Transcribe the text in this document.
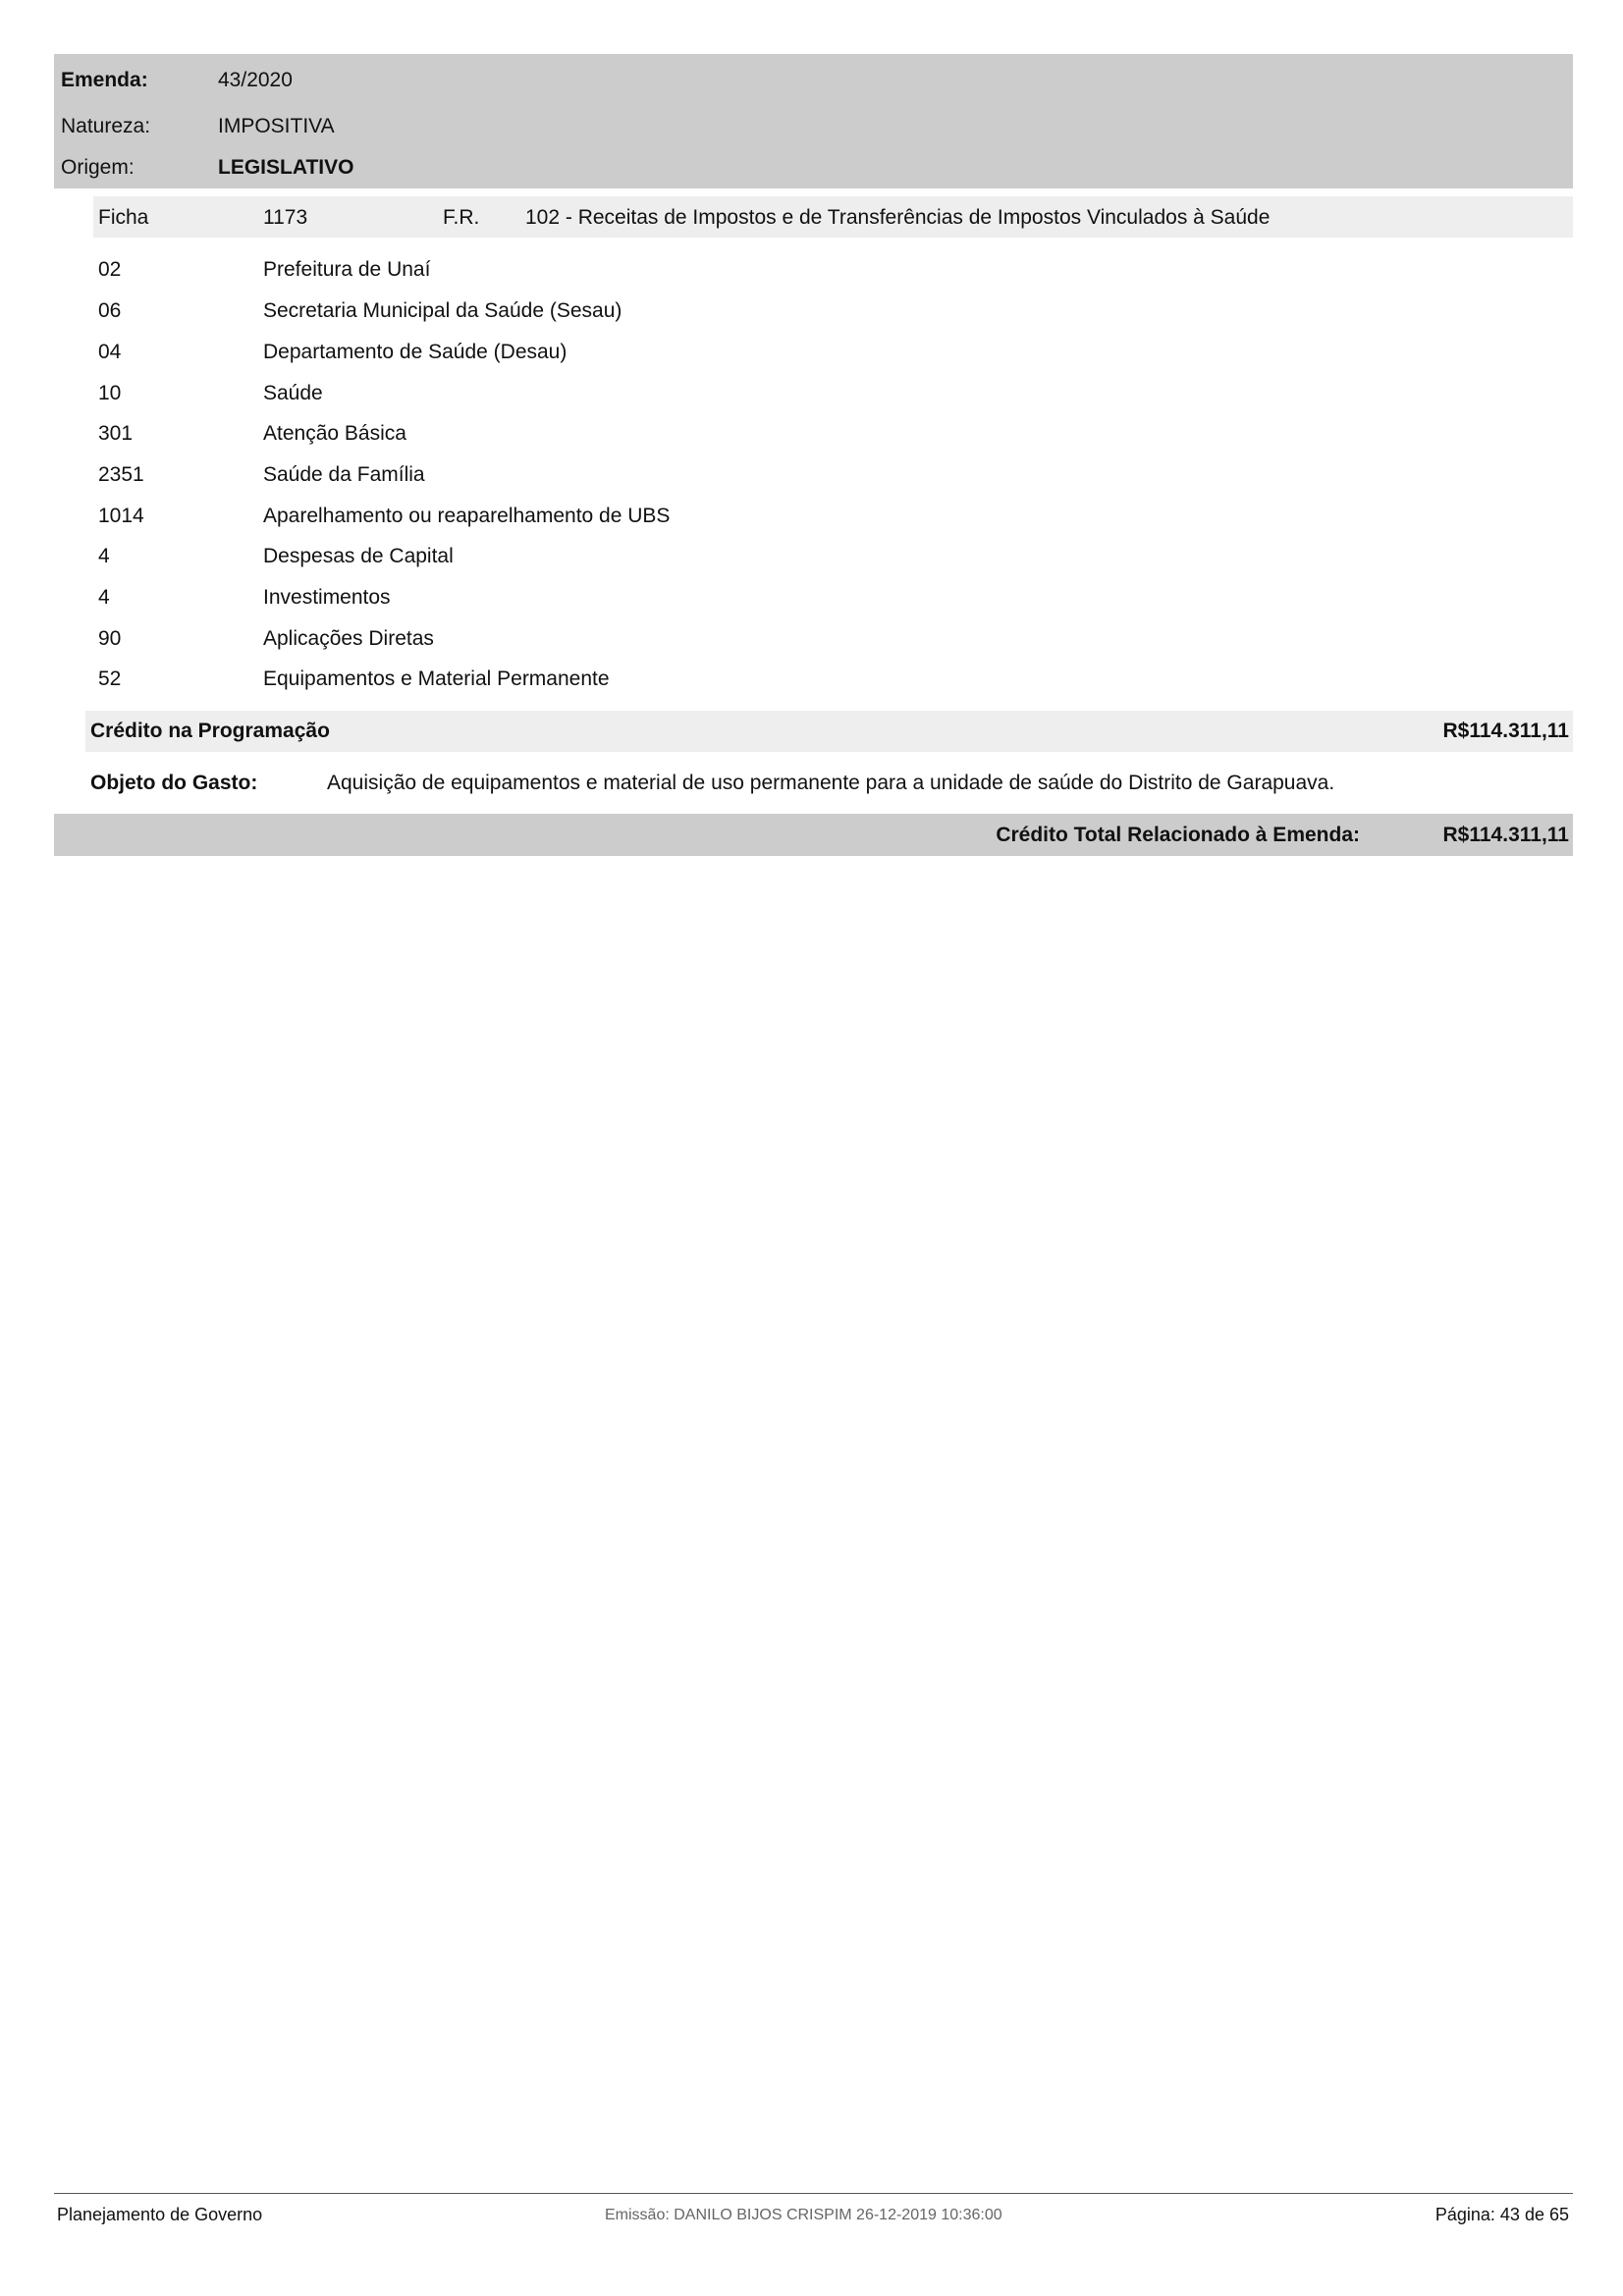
Emenda:	43/2020
Natureza:	IMPOSITIVA
Origem:	LEGISLATIVO
Ficha	1173	F.R. 102 - Receitas de Impostos e de Transferências de Impostos Vinculados à Saúde
02	Prefeitura de Unaí
06	Secretaria Municipal da Saúde (Sesau)
04	Departamento de Saúde (Desau)
10	Saúde
301	Atenção Básica
2351	Saúde da Família
1014	Aparelhamento ou reaparelhamento de UBS
4	Despesas de Capital
4	Investimentos
90	Aplicações Diretas
52	Equipamentos e Material Permanente
Crédito na Programação	R$114.311,11
Objeto do Gasto:	Aquisição de equipamentos e material de uso permanente para a unidade de saúde do Distrito de Garapuava.
Crédito Total Relacionado à Emenda:	R$114.311,11
Planejamento de Governo	Emissão: DANILO BIJOS CRISPIM 26-12-2019 10:36:00	Página: 43 de 65
